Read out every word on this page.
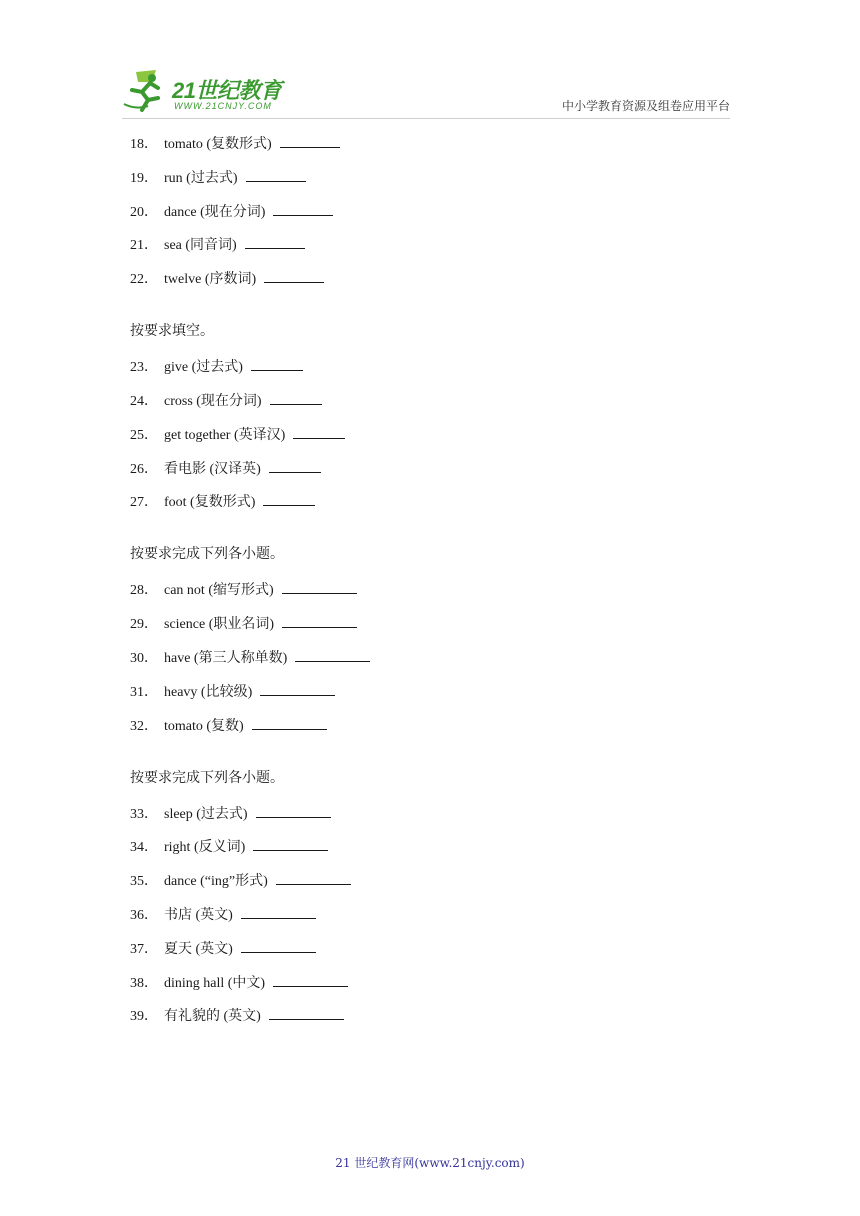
21世纪教育
WWW.21CNJY.COM	中小学教育资源及组卷应用平台
18． tomato (复数形式)
19． run (过去式)
20． dance (现在分词)
21． sea (同音词)
22． twelve (序数词)
按要求填空。
23． give (过去式)
24． cross (现在分词)
25． get together (英译汉)
26． 看电影 (汉译英)
27． foot (复数形式)
按要求完成下列各小题。
28． can not (缩写形式)
29． science (职业名词)
30． have (第三人称单数)
31． heavy (比较级)
32． tomato (复数)
按要求完成下列各小题。
33． sleep (过去式)
34． right (反义词)
35． dance (“ing”形式)
36． 书店 (英文)
37． 夏天 (英文)
38． dining hall (中文)
39． 有礼貌的 (英文)
21 世纪教育网(www.21cnjy.com)
